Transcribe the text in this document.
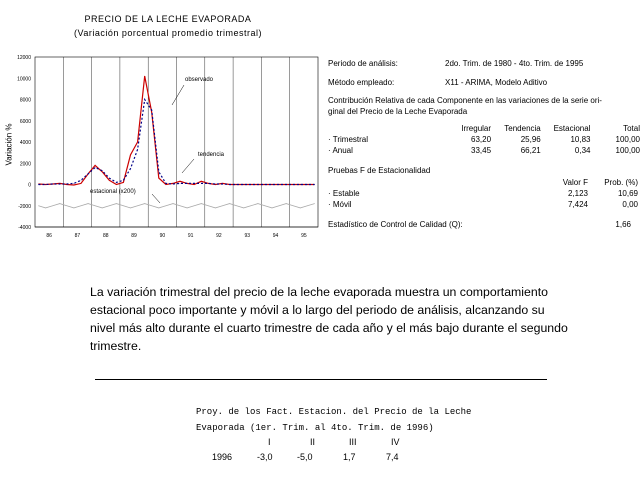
PRECIO DE LA LECHE EVAPORADA
(Variación porcentual promedio trimestral)
12000
10000
8000
6000
4000
2000
0
-2000
-4000
86	87	88	89	90	91	92	93	94	95
observado
tendencia
estacional (x200)
Variación %
Periodo de análisis:	2do. Trim. de 1980 - 4to. Trim. de 1995
Método empleado:	X11 - ARIMA, Modelo Aditivo
Contribución Relativa de cada Componente en las variaciones de la serie ori-
ginal del Precio de la Leche Evaporada
	Irregular	Tendencia	Estacional	Total
· Trimestral	63,20	25,96	10,83	100,00
· Anual	33,45	66,21	0,34	100,00
Pruebas F de Estacionalidad
	Valor F	Prob. (%)
· Estable	2,123	10,69
· Móvil	7,424	0,00
Estadístico de Control de Calidad (Q):	1,66
La variación trimestral del precio de la leche evaporada muestra un comportamiento estacional poco importante y móvil a lo largo del periodo de análisis, alcanzando su nivel más alto durante el cuarto trimestre de cada año y el más bajo durante el segundo trimestre.
Proy. de los Fact. Estacion. del Precio de la Leche
Evaporada (1er. Trim. al 4to. Trim. de 1996)
I	II	III	IV
1996	-3,0	-5,0	1,7	7,4
